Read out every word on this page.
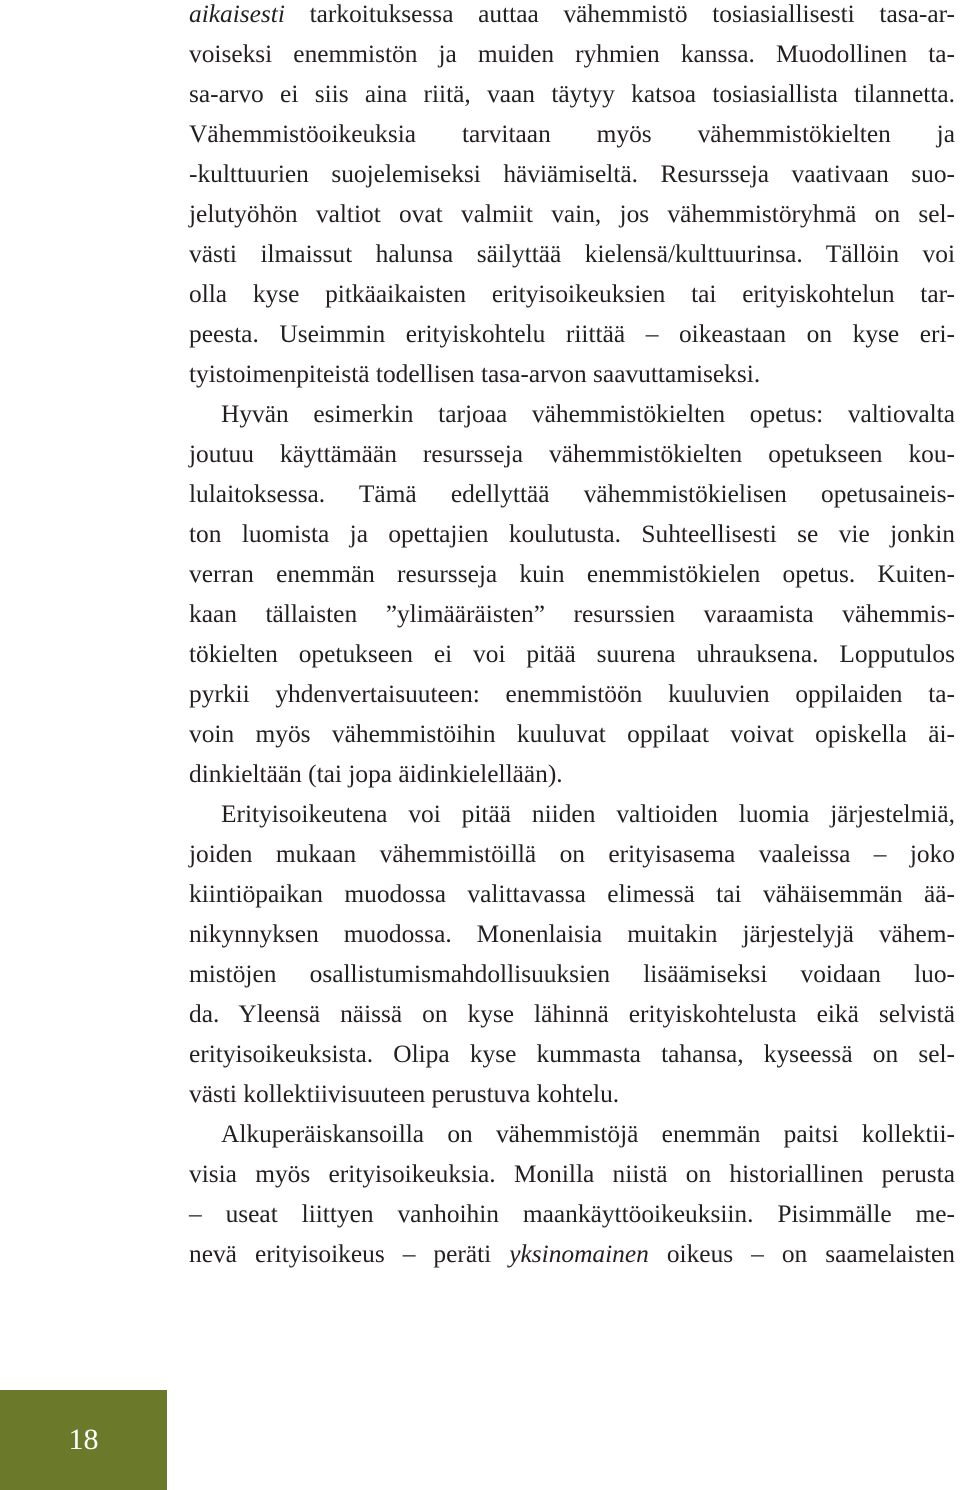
aikaisesti tarkoituksessa auttaa vähemmistö tosiasiallisesti tasa-ar-
voiseksi enemmistön ja muiden ryhmien kanssa. Muodollinen ta-
sa-arvo ei siis aina riitä, vaan täytyy katsoa tosiasiallista tilannetta.
Vähemmistöoikeuksia tarvitaan myös vähemmistökielten ja
-kulttuurien suojelemiseksi häviämiseltä. Resursseja vaativaan suo-
jelutyöhön valtiot ovat valmiit vain, jos vähemmistöryhmä on sel-
västi ilmaissut halunsa säilyttää kielensä/kulttuurinsa. Tällöin voi
olla kyse pitkäaikaisten erityisoikeuksien tai erityiskohtelun tar-
peesta. Useimmin erityiskohtelu riittää – oikeastaan on kyse eri-
tyistoimenpiteistä todellisen tasa-arvon saavuttamiseksi.

Hyvän esimerkin tarjoaa vähemmistökielten opetus: valtiovalta
joutuu käyttämään resursseja vähemmistökielten opetukseen kou-
lulaitoksessa. Tämä edellyttää vähemmistökielisen opetusaineis-
ton luomista ja opettajien koulutusta. Suhteellisesti se vie jonkin
verran enemmän resursseja kuin enemmistökielen opetus. Kuiten-
kaan tällaisten ”ylimääräisten” resurssien varaamista vähemmis-
tökielten opetukseen ei voi pitää suurena uhrauksena. Lopputulos
pyrkii yhdenvertaisuuteen: enemmistöön kuuluvien oppilaiden ta-
voin myös vähemmistöihin kuuluvat oppilaat voivat opiskella äi-
dinkieltään (tai jopa äidinkielellään).

Erityisoikeutena voi pitää niiden valtioiden luomia järjestelmiä,
joiden mukaan vähemmistöillä on erityisasema vaaleissa – joko
kiintiöpaikan muodossa valittavassa elimessä tai vähäisemmän ää-
nikynnyksen muodossa. Monenlaisia muitakin järjestelyjä vähem-
mistöjen osallistumismahdollisuuksien lisäämiseksi voidaan luo-
da. Yleensä näissä on kyse lähinnä erityiskohtelusta eikä selvistä
erityisoikeuksista. Olipa kyse kummasta tahansa, kyseessä on sel-
västi kollektiivisuuteen perustuva kohtelu.

Alkuperäiskansoilla on vähemmistöjä enemmän paitsi kollektii-
visia myös erityisoikeuksia. Monilla niistä on historiallinen perusta
– useat liittyen vanhoihin maankäyttöoikeuksiin. Pisimmälle me-
nevä erityisoikeus – peräti yksinomainen oikeus – on saamelaisten

18
